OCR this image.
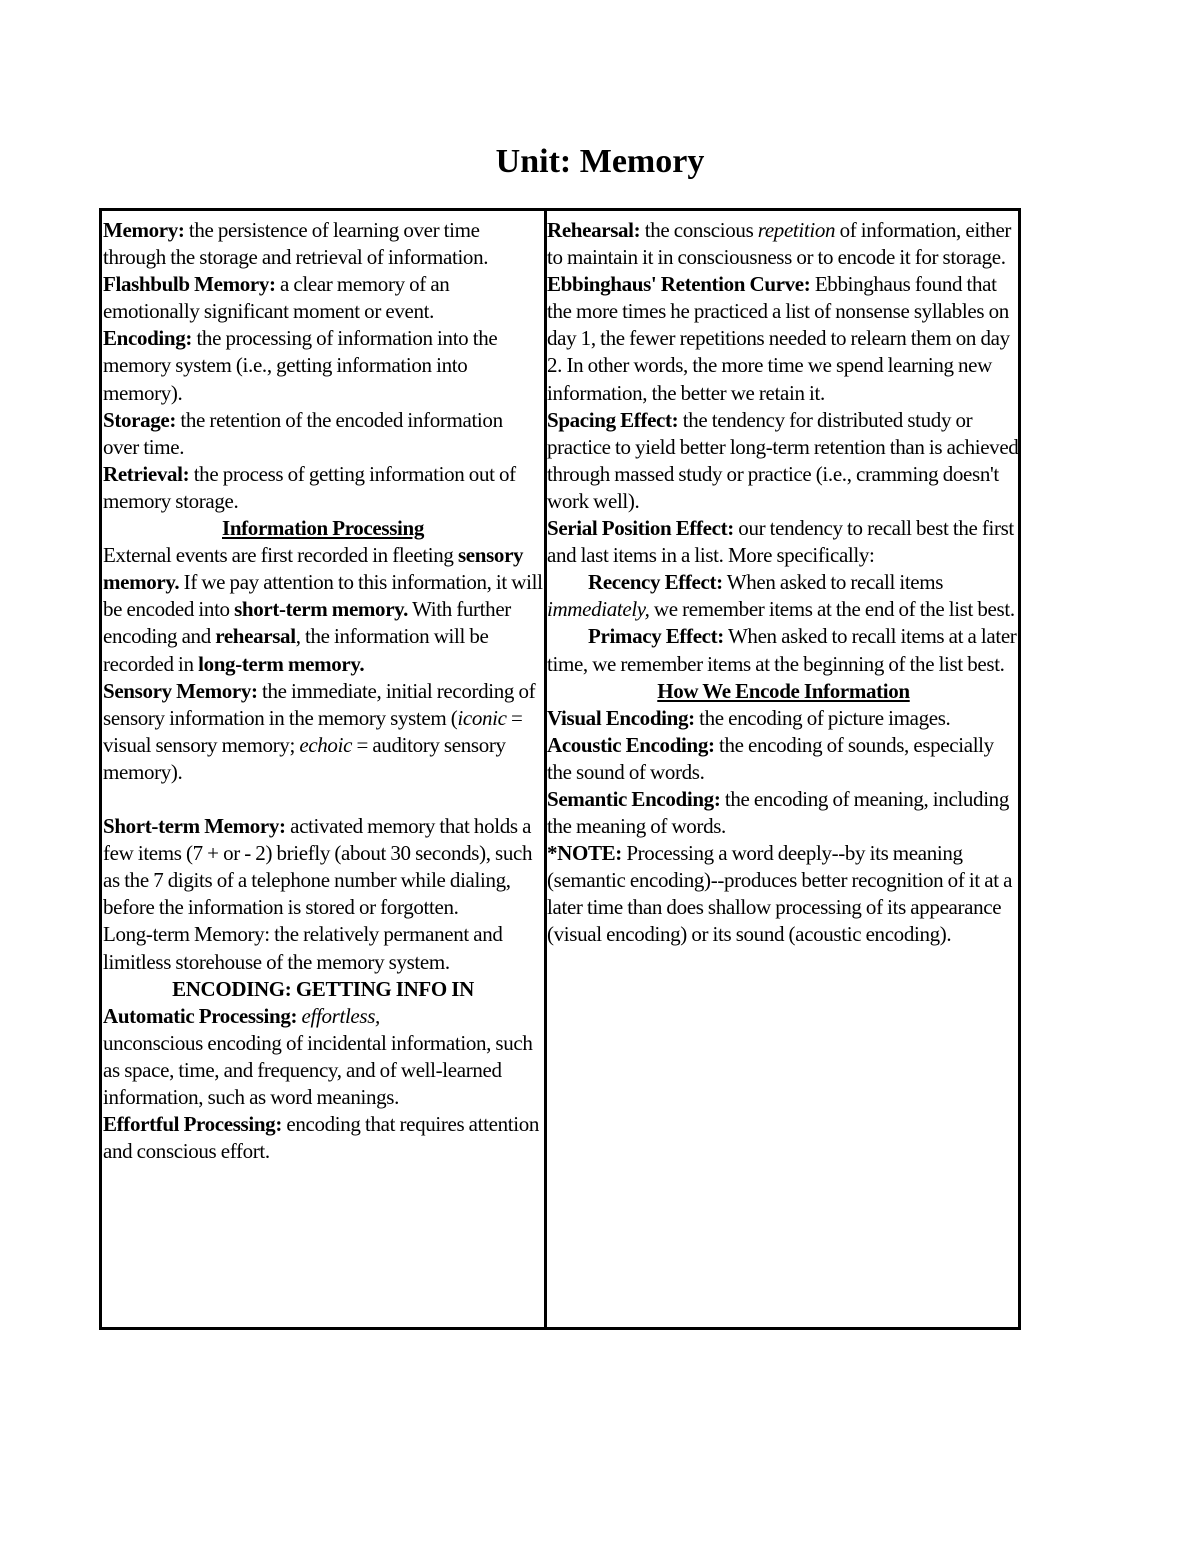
Unit: Memory

Memory: the persistence of learning over time through the storage and retrieval of information.

Flashbulb Memory: a clear memory of an emotionally significant moment or event.

Encoding: the processing of information into the memory system (i.e., getting information into memory).

Storage: the retention of the encoded information over time.

Retrieval: the process of getting information out of memory storage.

Information Processing

External events are first recorded in fleeting sensory memory. If we pay attention to this information, it will be encoded into short-term memory. With further encoding and rehearsal, the information will be recorded in long-term memory.

Sensory Memory: the immediate, initial recording of sensory information in the memory system (iconic = visual sensory memory; echoic = auditory sensory memory).

Short-term Memory: activated memory that holds a few items (7 + or - 2) briefly (about 30 seconds), such

as the 7 digits of a telephone number while dialing, before the information is stored or forgotten.

Long-term Memory: the relatively permanent and limitless storehouse of the memory system.

ENCODING: GETTING INFO IN

Automatic Processing: effortless,

unconscious encoding of incidental information, such as space, time, and frequency, and of well-learned information, such as word meanings.

Effortful Processing: encoding that requires attention and conscious effort.

Rehearsal: the conscious repetition of information, either to maintain it in consciousness or to encode it for storage.

Ebbinghaus' Retention Curve: Ebbinghaus found that the more times he practiced a list of nonsense syllables on day 1, the fewer repetitions needed to relearn them on day 2. In other words, the more time we spend learning new information, the better we retain it.

Spacing Effect: the tendency for distributed study or practice to yield better long-term retention than is achieved through massed study or practice (i.e., cramming doesn't work well).

Serial Position Effect: our tendency to recall best the first and last items in a list. More specifically:

Recency Effect: When asked to recall items immediately, we remember items at the end of the list best.

Primacy Effect: When asked to recall items at a later time, we remember items at the beginning of the list best.

How We Encode Information

Visual Encoding: the encoding of picture images.

Acoustic Encoding: the encoding of sounds, especially the sound of words.

Semantic Encoding: the encoding of meaning, including the meaning of words.

*NOTE: Processing a word deeply--by its meaning (semantic encoding)--produces better recognition of it at a later time than does shallow processing of its appearance (visual encoding) or its sound (acoustic encoding).
